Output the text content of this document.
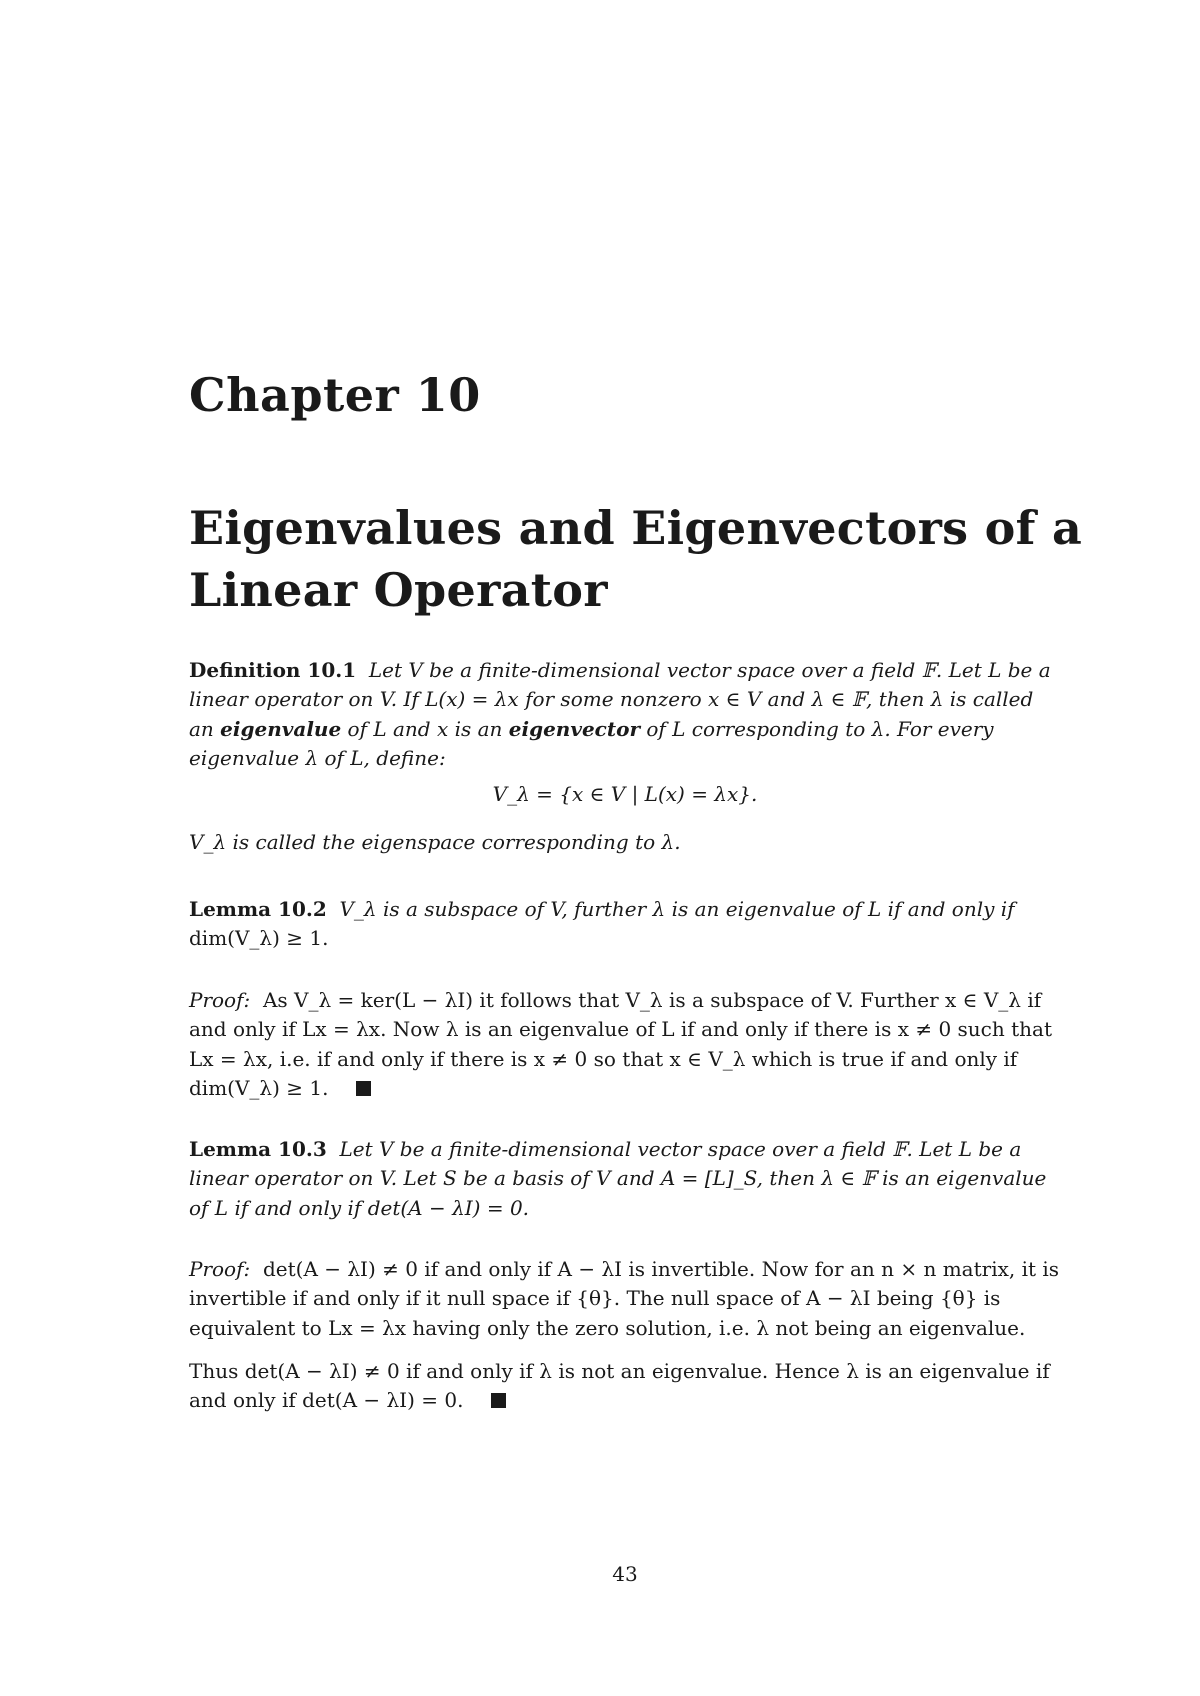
Chapter 10
Eigenvalues and Eigenvectors of a Linear Operator

Definition 10.1 Let V be a finite-dimensional vector space over a field 𝔽. Let L be a linear operator on V. If L(x) = λx for some nonzero x ∈ V and λ ∈ 𝔽, then λ is called an eigenvalue of L and x is an eigenvector of L corresponding to λ. For every eigenvalue λ of L, define:

V_λ = {x ∈ V | L(x) = λx}.

V_λ is called the eigenspace corresponding to λ.

Lemma 10.2 V_λ is a subspace of V, further λ is an eigenvalue of L if and only if dim(V_λ) ≥ 1.

Proof: As V_λ = ker(L − λI) it follows that V_λ is a subspace of V. Further x ∈ V_λ if and only if Lx = λx. Now λ is an eigenvalue of L if and only if there is x ≠ 0 such that Lx = λx, i.e. if and only if there is x ≠ 0 so that x ∈ V_λ which is true if and only if dim(V_λ) ≥ 1.

Lemma 10.3 Let V be a finite-dimensional vector space over a field 𝔽. Let L be a linear operator on V. Let S be a basis of V and A = [L]_S, then λ ∈ 𝔽 is an eigenvalue of L if and only if det(A − λI) = 0.

Proof: det(A − λI) ≠ 0 if and only if A − λI is invertible. Now for an n × n matrix, it is invertible if and only if it null space if {θ}. The null space of A − λI being {θ} is equivalent to Lx = λx having only the zero solution, i.e. λ not being an eigenvalue.

Thus det(A − λI) ≠ 0 if and only if λ is not an eigenvalue. Hence λ is an eigenvalue if and only if det(A − λI) = 0.

43
